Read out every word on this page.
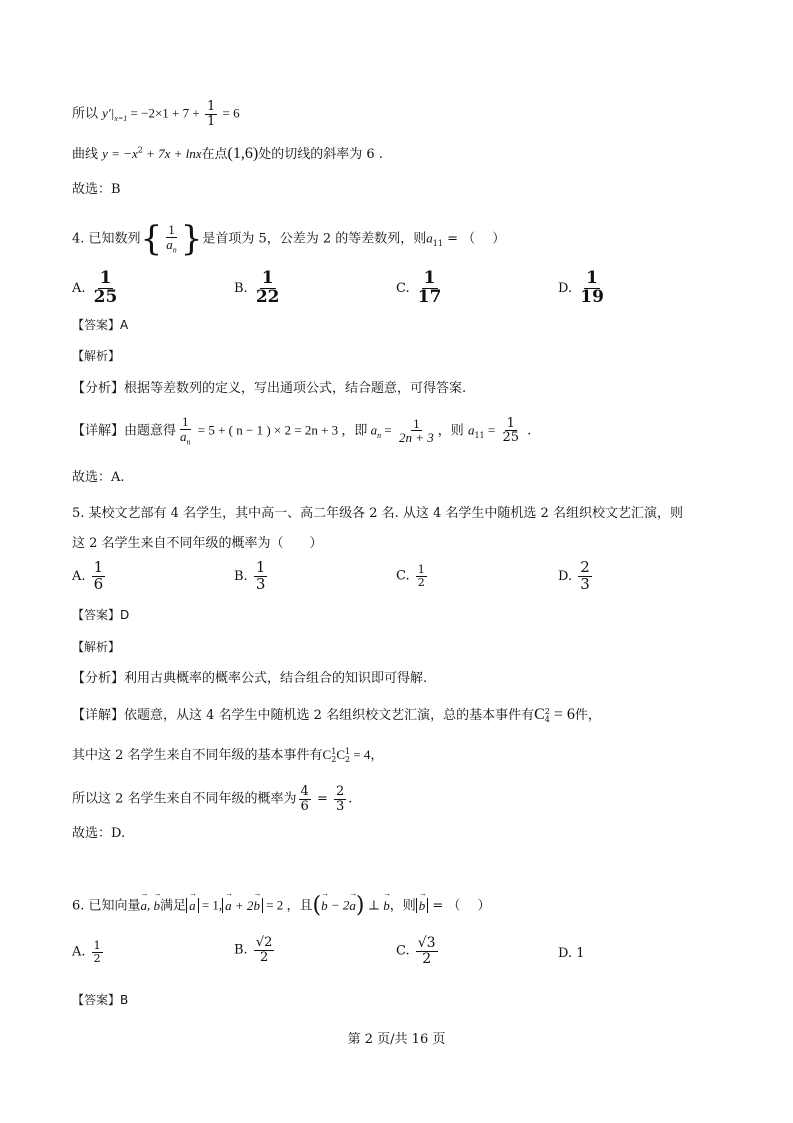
所以 $y'|_{x=1} = -2\times 1 + 7 + \frac{1}{1} = 6$
曲线 $y = -x^2 + 7x + \ln x$在点(1,6)处的切线的斜率为 6 .
故选：B
4. 已知数列{ $\frac{1}{a_n}$ }是首项为 5，公差为 2 的等差数列，则$a_{11}$ = （　 ）
A. $\frac{1}{25}$	B. $\frac{1}{22}$	C. $\frac{1}{17}$	D. $\frac{1}{19}$
【答案】A
【解析】
【分析】根据等差数列的定义，写出通项公式，结合题意，可得答案.
【详解】由题意得 $\frac{1}{a_n} = 5$ + ( n − 1 ) × 2 = 2n + 3 ，即 $a_n = \frac{1}{2n + 3}$ ，则 $a_{11} = \frac{1}{25}$ .
故选：A.
5. 某校文艺部有 4 名学生，其中高一、高二年级各 2 名. 从这 4 名学生中随机选 2 名组织校文艺汇演，则
这 2 名学生来自不同年级的概率为（　　）
A. $\frac{1}{6}$	B. $\frac{1}{3}$	C. $\frac{1}{2}$	D. $\frac{2}{3}$
【答案】D
【解析】
【分析】利用古典概率的概率公式，结合组合的知识即可得解.
【详解】依题意，从这 4 名学生中随机选 2 名组织校文艺汇演，总的基本事件有C 2
4 = 6件，
其中这 2 名学生来自不同年级的基本事件有C 1
2 C 1
2 = 4，
所以这 2 名学生来自不同年级的概率为 $\frac{4}{6} = \frac{2}{3}$ .
故选：D.
6. 已知向量→ a, → b满足 → a = 1, → a + 2→ b = 2 ，且(→ b − 2→ a) ⊥ → b，则 → b = （　 ）
A. $\frac{1}{2}$	B. $\frac{√2}{2}$	C. $\frac{√3}{2}$	D. 1
【答案】B
第 2 页/共 16 页
